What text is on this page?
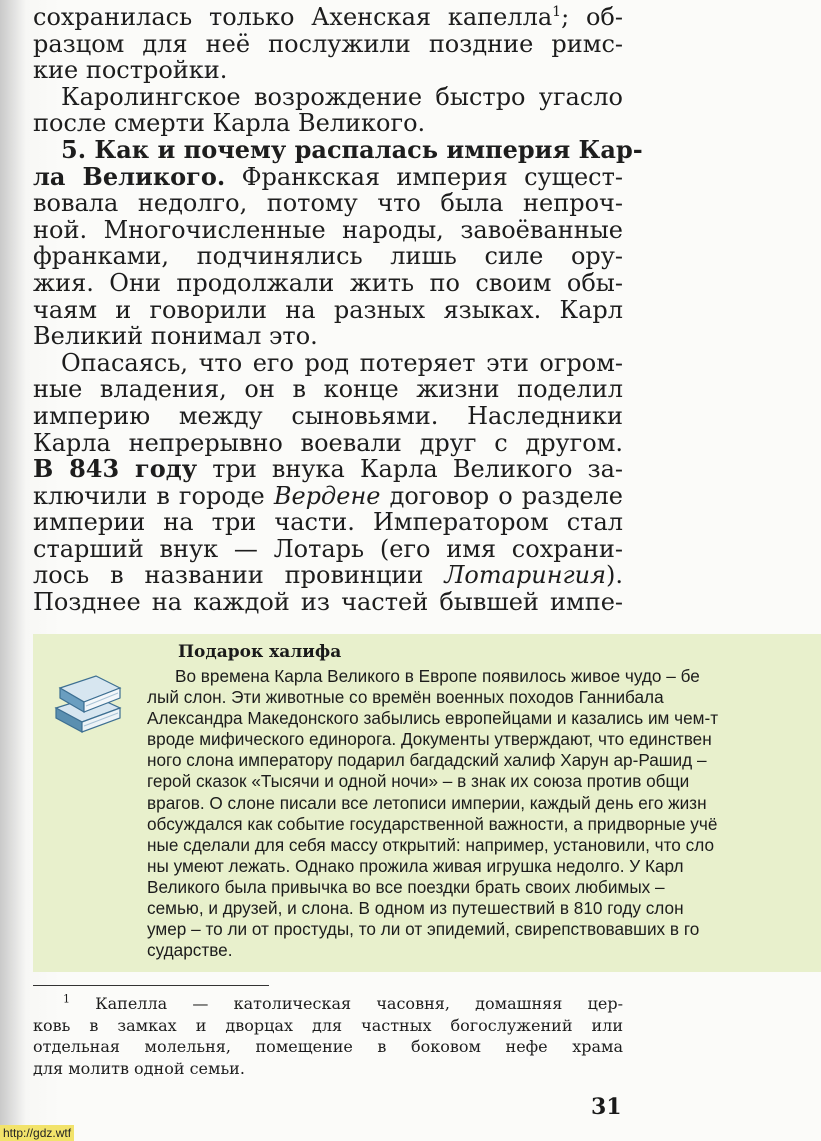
сохранилась только Ахенская капелла$^1$; об-
разцом для неё послужили поздние римс-
кие постройки.
Каролингское возрождение быстро угасло
после смерти Карла Великого.
5. Как и почему распалась империя Кар-
ла Великого. Франкская империя сущест-
вовала недолго, потому что была непроч-
ной. Многочисленные народы, завоёванные
франками, подчинялись лишь силе ору-
жия. Они продолжали жить по своим обы-
чаям и говорили на разных языках. Карл
Великий понимал это.
Опасаясь, что его род потеряет эти огром-
ные владения, он в конце жизни поделил
империю между сыновьями. Наследники
Карла непрерывно воевали друг с другом.
В 843 году три внука Карла Великого за-
ключили в городе Вердене договор о разделе
империи на три части. Императором стал
старший внук — Лотарь (его имя сохрани-
лось в названии провинции Лотарингия).
Позднее на каждой из частей бывшей импе-
Подарок халифа
Во времена Карла Великого в Европе появилось живое чудо – бе
лый слон. Эти животные со времён военных походов Ганнибала
Александра Македонского забылись европейцами и казались им чем-т
вроде мифического единорога. Документы утверждают, что единствен
ного слона императору подарил багдадский халиф Харун ар-Рашид –
герой сказок «Тысячи и одной ночи» – в знак их союза против общи
врагов. О слоне писали все летописи империи, каждый день его жизн
обсуждался как событие государственной важности, а придворные учё
ные сделали для себя массу открытий: например, установили, что сло
ны умеют лежать. Однако прожила живая игрушка недолго. У Карл
Великого была привычка во все поездки брать своих любимых –
семью, и друзей, и слона. В одном из путешествий в 810 году слон
умер – то ли от простуды, то ли от эпидемий, свирепствовавших в го
сударстве.
$^1$ Капелла — католическая часовня, домашняя цер-
ковь в замках и дворцах для частных богослужений или
отдельная молельня, помещение в боковом нефе храма
для молитв одной семьи.
31
http://gdz.wtf
